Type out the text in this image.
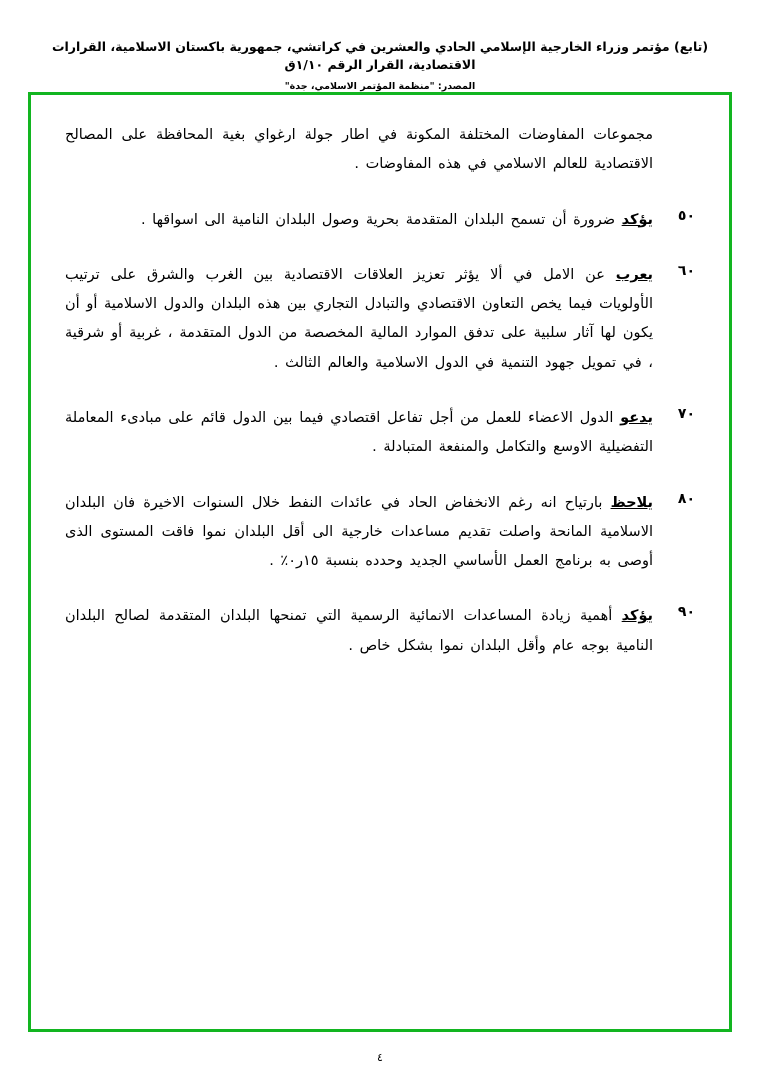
(تابع) مؤتمر وزراء الخارجية الإسلامي الحادي والعشرين في كراتشي، جمهورية باكستان الاسلامية، القرارات الاقتصادية، القرار الرقم ١/١٠ق
المصدر: "منظمة المؤتمر الاسلامي، جدة"
مجموعات المفاوضات المختلفة المكونة في اطار جولة ارغواي بغية المحافظة على المصالح الاقتصادية للعالم الاسلامي في هذه المفاوضات .
٥٠
يؤكد ضرورة أن تسمح البلدان المتقدمة بحرية وصول البلدان النامية الى اسواقها .
٦٠
يعرب عن الامل في ألا يؤثر تعزيز العلاقات الاقتصادية بين الغرب والشرق على ترتيب الأولويات فيما يخص التعاون الاقتصادي والتبادل التجاري بين هذه البلدان والدول الاسلامية أو أن يكون لها آثار سلبية على تدفق الموارد المالية المخصصة من الدول المتقدمة ، غربية أو شرقية ، في تمويل جهود التنمية في الدول الاسلامية والعالم الثالث .
٧٠
يدعو الدول الاعضاء للعمل من أجل تفاعل اقتصادي فيما بين الدول قائم على مبادىء المعاملة التفضيلية الاوسع والتكامل والمنفعة المتبادلة .
٨٠
يلاحظ بارتياح انه رغم الانخفاض الحاد في عائدات النفط خلال السنوات الاخيرة فان البلدان الاسلامية المانحة واصلت تقديم مساعدات خارجية الى أقل البلدان نموا فاقت المستوى الذى أوصى به برنامج العمل الأساسي الجديد وحدده بنسبة ١٥ر٠٪ .
٩٠
يؤكد أهمية زيادة المساعدات الانمائية الرسمية التي تمنحها البلدان المتقدمة لصالح البلدان النامية بوجه عام وأقل البلدان نموا بشكل خاص .
٤
